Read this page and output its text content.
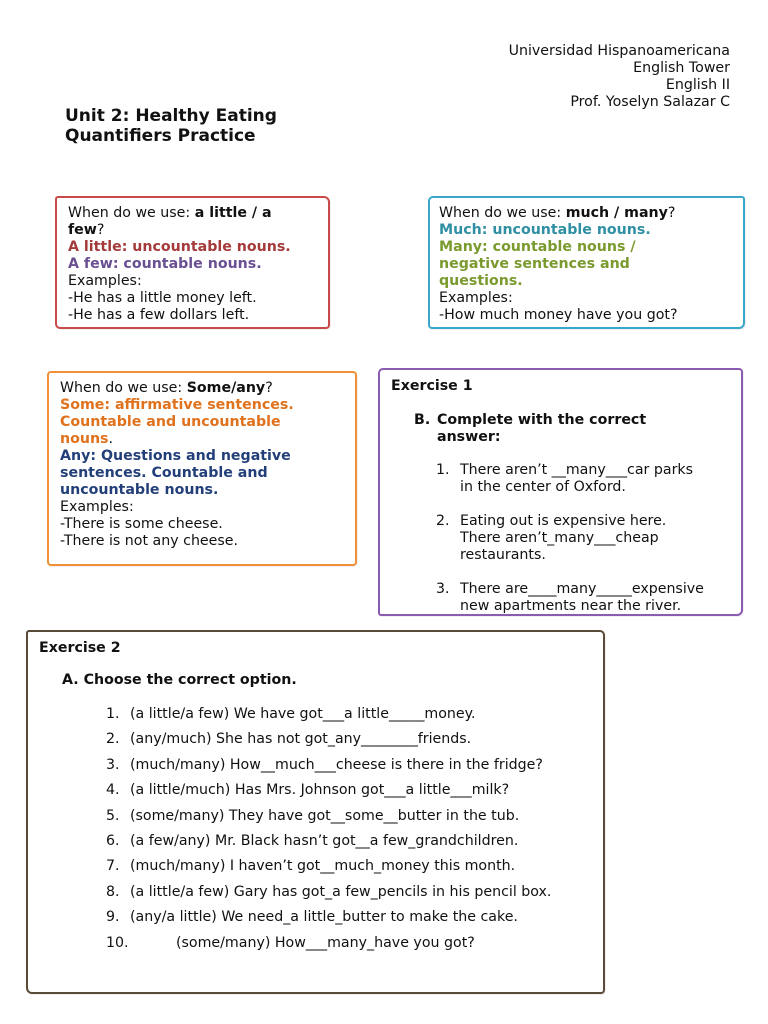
Universidad Hispanoamericana
English Tower
English II
Prof. Yoselyn Salazar C
Unit 2: Healthy Eating
Quantifiers Practice
When do we use: a little / a
few?
A little: uncountable nouns.
A few: countable nouns.
Examples:
-He has a little money left.
-He has a few dollars left.
When do we use: much / many?
Much: uncountable nouns.
Many: countable nouns /
negative sentences and
questions.
Examples:
-How much money have you got?
When do we use: Some/any?
Some: affirmative sentences.
Countable and uncountable
nouns.
Any: Questions and negative
sentences. Countable and
uncountable nouns.
Examples:
-There is some cheese.
-There is not any cheese.
Exercise 1
B. Complete with the correct answer:
1. There aren’t __many___car parks
in the center of Oxford.
2. Eating out is expensive here.
There aren’t_many___cheap
restaurants.
3. There are____many_____expensive
new apartments near the river.
Exercise 2
A. Choose the correct option.
1. (a little/a few) We have got___a little_____money.
2. (any/much) She has not got_any________friends.
3. (much/many) How__much___cheese is there in the fridge?
4. (a little/much) Has Mrs. Johnson got___a little___milk?
5. (some/many) They have got__some__butter in the tub.
6. (a few/any) Mr. Black hasn’t got__a few_grandchildren.
7. (much/many) I haven’t got__much_money this month.
8. (a little/a few) Gary has got_a few_pencils in his pencil box.
9. (any/a little) We need_a little_butter to make the cake.
10.	(some/many) How___many_have you got?
